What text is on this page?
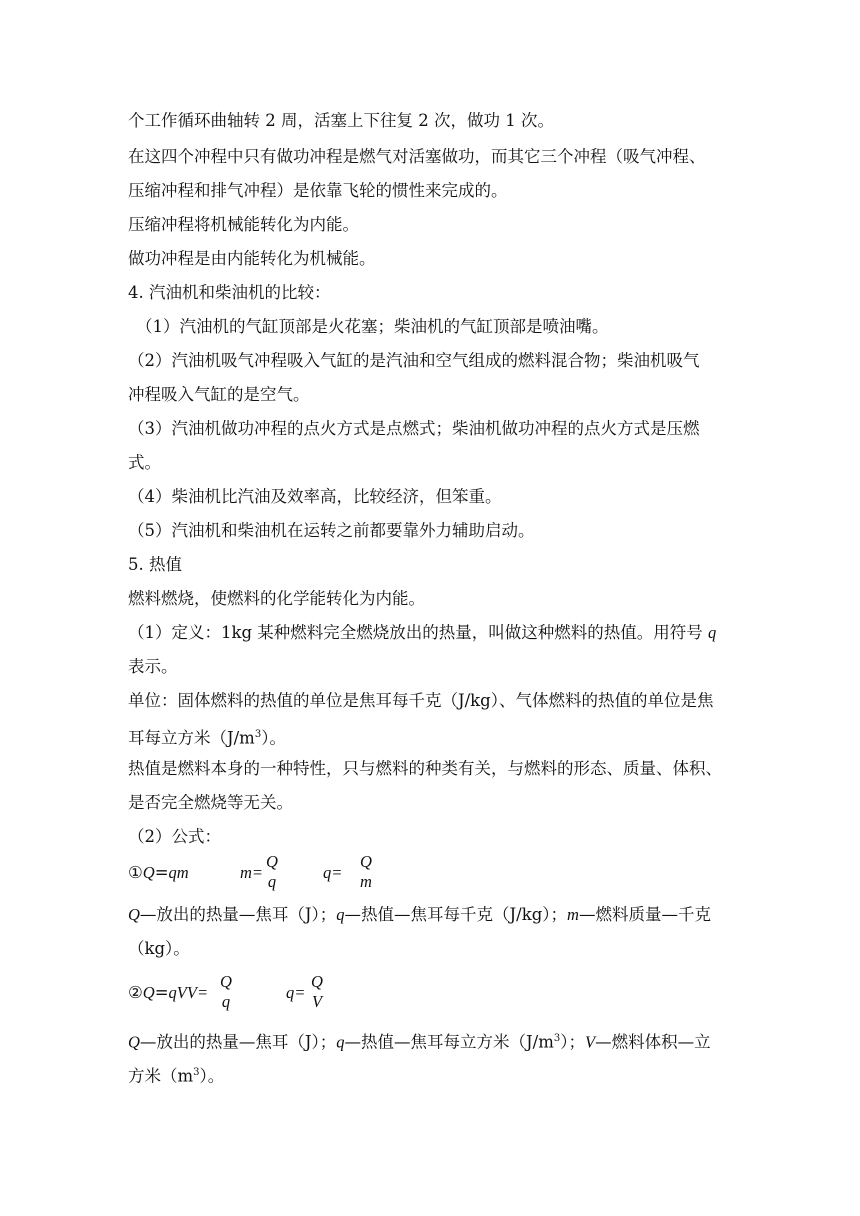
个工作循环曲轴转 2 周，活塞上下往复 2 次，做功 1 次。
在这四个冲程中只有做功冲程是燃气对活塞做功，而其它三个冲程（吸气冲程、
压缩冲程和排气冲程）是依靠飞轮的惯性来完成的。
压缩冲程将机械能转化为内能。
做功冲程是由内能转化为机械能。
4. 汽油机和柴油机的比较：
（1）汽油机的气缸顶部是火花塞；柴油机的气缸顶部是喷油嘴。
（2）汽油机吸气冲程吸入气缸的是汽油和空气组成的燃料混合物；柴油机吸气
冲程吸入气缸的是空气。
（3）汽油机做功冲程的点火方式是点燃式；柴油机做功冲程的点火方式是压燃
式。
（4）柴油机比汽油及效率高，比较经济，但笨重。
（5）汽油机和柴油机在运转之前都要靠外力辅助启动。
5. 热值
燃料燃烧，使燃料的化学能转化为内能。
（1）定义：1kg 某种燃料完全燃烧放出的热量，叫做这种燃料的热值。用符号 q
表示。
单位：固体燃料的热值的单位是焦耳每千克（J/kg）、气体燃料的热值的单位是焦
耳每立方米$(J/m^3)$。
热值是燃料本身的一种特性，只与燃料的种类有关，与燃料的形态、质量、体积、
是否完全燃烧等无关。
（2）公式：
①Q=qm	m=
Q
q	q=
Q
m
Q—放出的热量—焦耳（J）；q—热值—焦耳每千克（J/kg）；m—燃料质量—千克
（kg）。
②Q=qVV=
Q
q	q=
Q
V
Q—放出的热量—焦耳（J）；q—热值—焦耳每立方米$(J/m^3)$；V—燃料体积—立
方米$(m^3)$。
